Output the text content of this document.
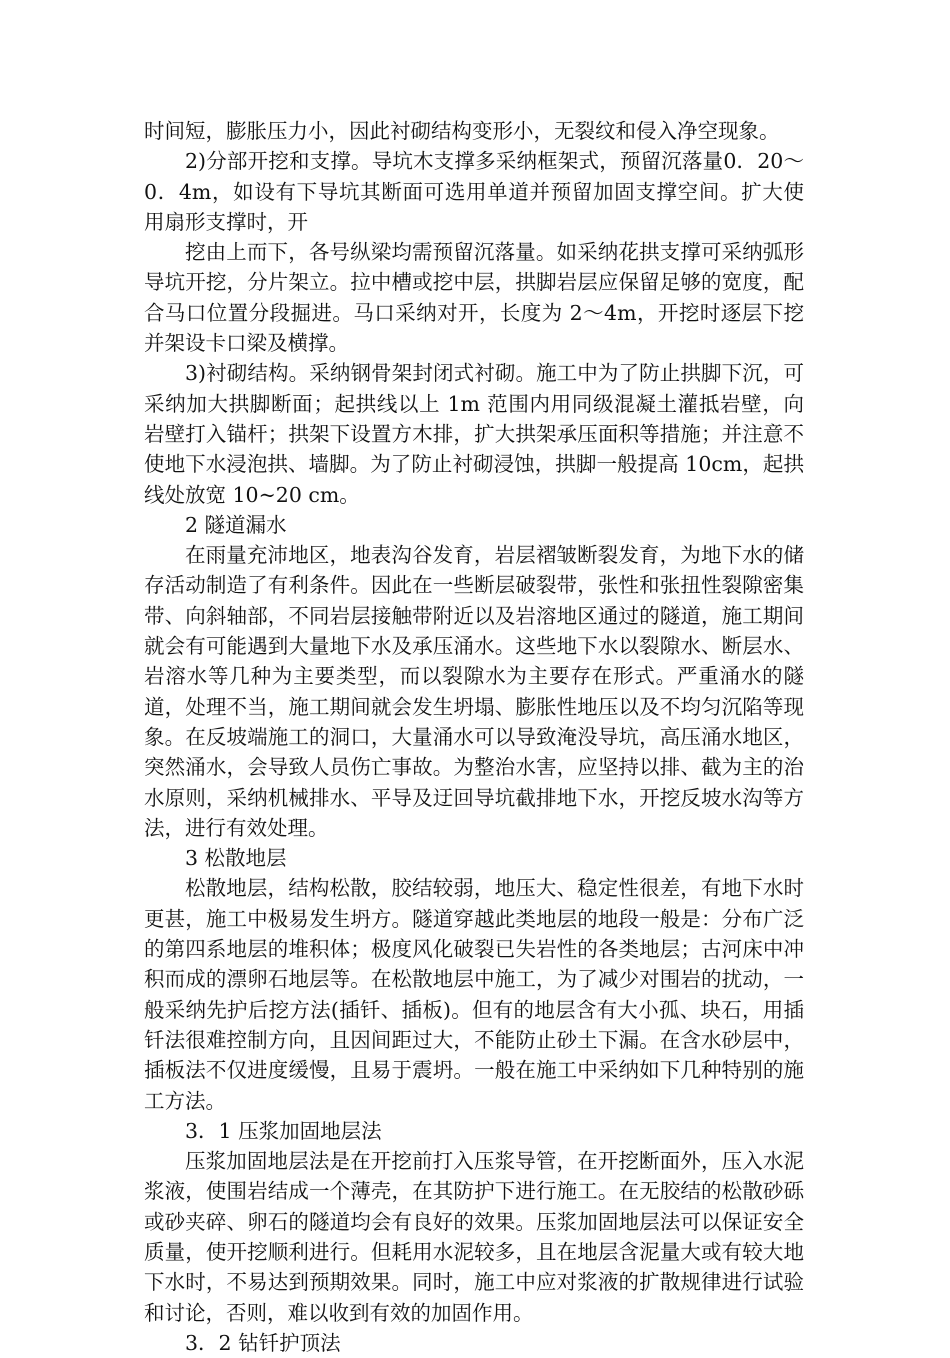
时间短，膨胀压力小，因此衬砌结构变形小，无裂纹和侵入净空现象。

2)分部开挖和支撑。导坑木支撑多采纳框架式，预留沉落量0．20～0．4m，如设有下导坑其断面可选用单道并预留加固支撑空间。扩大使用扇形支撑时，开

挖由上而下，各号纵梁均需预留沉落量。如采纳花拱支撑可采纳弧形导坑开挖，分片架立。拉中槽或挖中层，拱脚岩层应保留足够的宽度，配合马口位置分段掘进。马口采纳对开，长度为 2～4m，开挖时逐层下挖并架设卡口梁及横撑。

3)衬砌结构。采纳钢骨架封闭式衬砌。施工中为了防止拱脚下沉，可采纳加大拱脚断面；起拱线以上 1m 范围内用同级混凝土灌抵岩壁，向岩壁打入锚杆；拱架下设置方木排，扩大拱架承压面积等措施；并注意不使地下水浸泡拱、墙脚。为了防止衬砌浸蚀，拱脚一般提高 10cm，起拱线处放宽 10~20 cm。

2 隧道漏水

在雨量充沛地区，地表沟谷发育，岩层褶皱断裂发育，为地下水的储存活动制造了有利条件。因此在一些断层破裂带，张性和张扭性裂隙密集带、向斜轴部，不同岩层接触带附近以及岩溶地区通过的隧道，施工期间就会有可能遇到大量地下水及承压涌水。这些地下水以裂隙水、断层水、岩溶水等几种为主要类型，而以裂隙水为主要存在形式。严重涌水的隧道，处理不当，施工期间就会发生坍塌、膨胀性地压以及不均匀沉陷等现象。在反坡端施工的洞口，大量涌水可以导致淹没导坑，高压涌水地区，突然涌水，会导致人员伤亡事故。为整治水害，应坚持以排、截为主的治水原则，采纳机械排水、平导及迂回导坑截排地下水，开挖反坡水沟等方法，进行有效处理。

3 松散地层

松散地层，结构松散，胶结较弱，地压大、稳定性很差，有地下水时更甚，施工中极易发生坍方。隧道穿越此类地层的地段一般是：分布广泛的第四系地层的堆积体；极度风化破裂已失岩性的各类地层；古河床中冲积而成的漂卵石地层等。在松散地层中施工，为了减少对围岩的扰动，一般采纳先护后挖方法(插钎、插板)。但有的地层含有大小孤、块石，用插钎法很难控制方向，且因间距过大，不能防止砂土下漏。在含水砂层中，插板法不仅进度缓慢，且易于震坍。一般在施工中采纳如下几种特别的施工方法。

3．1 压浆加固地层法

压浆加固地层法是在开挖前打入压浆导管，在开挖断面外，压入水泥浆液，使围岩结成一个薄壳，在其防护下进行施工。在无胶结的松散砂砾或砂夹碎、卵石的隧道均会有良好的效果。压浆加固地层法可以保证安全质量，使开挖顺利进行。但耗用水泥较多，且在地层含泥量大或有较大地下水时，不易达到预期效果。同时，施工中应对浆液的扩散规律进行试验和讨论，否则，难以收到有效的加固作用。

3．2 钻钎护顶法
